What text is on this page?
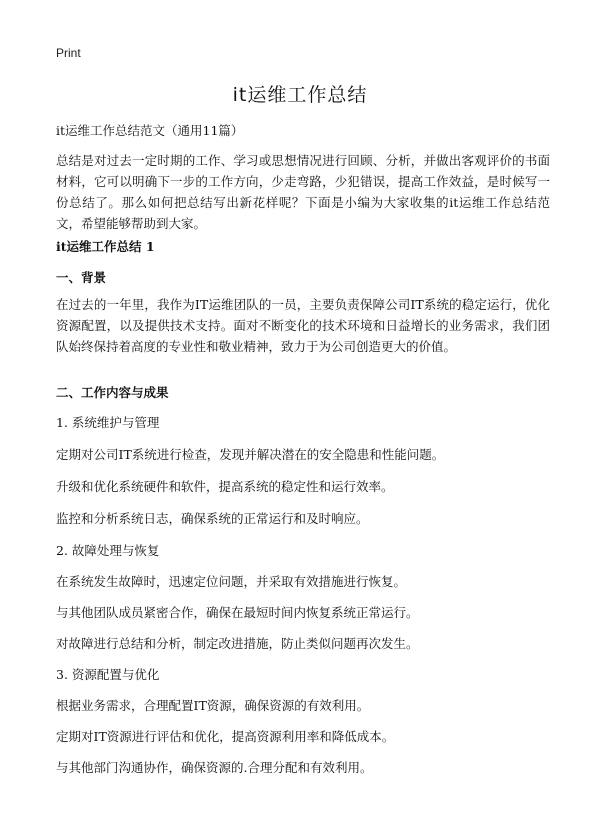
Print
it运维工作总结

it运维工作总结范文（通用11篇）

总结是对过去一定时期的工作、学习或思想情况进行回顾、分析，并做出客观评价的书面材料，它可以明确下一步的工作方向，少走弯路，少犯错误，提高工作效益，是时候写一份总结了。那么如何把总结写出新花样呢？下面是小编为大家收集的it运维工作总结范文，希望能够帮助到大家。

it运维工作总结 1

一、背景

在过去的一年里，我作为IT运维团队的一员，主要负责保障公司IT系统的稳定运行，优化资源配置，以及提供技术支持。面对不断变化的技术环境和日益增长的业务需求，我们团队始终保持着高度的专业性和敬业精神，致力于为公司创造更大的价值。

二、工作内容与成果

1. 系统维护与管理

定期对公司IT系统进行检查，发现并解决潜在的安全隐患和性能问题。

升级和优化系统硬件和软件，提高系统的稳定性和运行效率。

监控和分析系统日志，确保系统的正常运行和及时响应。

2. 故障处理与恢复

在系统发生故障时，迅速定位问题，并采取有效措施进行恢复。

与其他团队成员紧密合作，确保在最短时间内恢复系统正常运行。

对故障进行总结和分析，制定改进措施，防止类似问题再次发生。

3. 资源配置与优化

根据业务需求，合理配置IT资源，确保资源的有效利用。

定期对IT资源进行评估和优化，提高资源利用率和降低成本。

与其他部门沟通协作，确保资源的.合理分配和有效利用。
